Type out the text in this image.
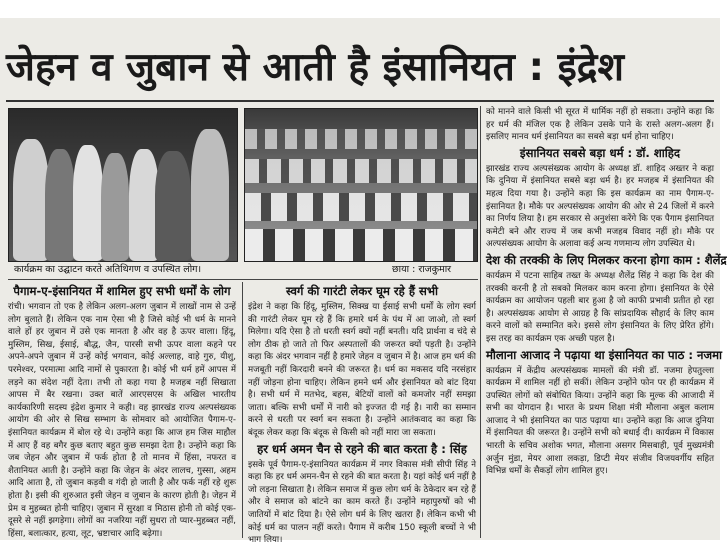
जेहन व जुबान से आती है इंसानियत : इंद्रेश
कार्यक्रम का उद्घाटन करते अतिथिगण व उपस्थित लोग।	छाया : राजकुमार
पैगाम-ए-इंसानियत में शामिल हुए सभी धर्मों के लोग

रांची। भगवान तो एक है लेकिन अलग-अलग जुबान में लाखों नाम से उन्हें लोग बुलाते हैं। लेकिन एक नाम ऐसा भी है जिसे कोई भी धर्म के मानने वाले हों हर जुबान में उसे एक मानता है और वह है ऊपर वाला। हिंदू, मुस्लिम, सिख, ईसाई, बौद्ध, जैन, पारसी सभी ऊपर वाला कहने पर अपने-अपने जुबान में उन्हें कोई भगवान, कोई अल्लाह, वाहे गुरु, यीशु, परमेश्वर, परमात्मा आदि नामों से पुकारता है। कोई भी धर्म हमें आपस में लड़ने का संदेश नहीं देता। तभी तो कहा गया है मजहब नहीं सिखाता आपस में बैर रखना। उक्त बातें आरएसएस के अखिल भारतीय कार्यकारिणी सदस्य इंद्रेश कुमार ने कही। वह झारखंड राज्य अल्पसंख्यक आयोग की ओर से सिख सम्भाग के सोमवार को आयोजित पैगाम-ए-इंसानियत कार्यक्रम में बोल रहे थे। उन्होंने कहा कि आज हम जिस माहौल में आए हैं वह बगैर कुछ बताए बहुत कुछ समझा देता है। उन्होंने कहा कि जब जेहन और जुबान में फर्क होता है तो मानव में हिंसा, नफरत व शैतानियत आती है। उन्होंने कहा कि जेहन के अंदर लालच, गुस्सा, अहम आदि आता है, तो जुबान कड़वी व गंदी हो जाती है और फर्क नहीं रहे शुरू होता है। इसी की शुरुआत इसी जेहन व जुबान के कारण होती है। जेहन में प्रेम व मुहब्बत होनी चाहिए। जुबान में सुरक्षा व मिठास होनी तो कोई एक-दूसरे से नहीं झगड़ेगा। लोगों का नजरिया नहीं सुधरा तो प्यार-मुहब्बत नहीं, हिंसा, बलात्कार, हत्या, लूट, भ्रष्टाचार आदि बढ़ेगा।

स्वर्ग की गारंटी लेकर घूम रहे हैं सभी

इंद्रेश ने कहा कि हिंदू, मुस्लिम, सिक्ख या ईसाई सभी धर्मों के लोग स्वर्ग की गारंटी लेकर घूम रहे हैं कि हमारे धर्म के पंथ में आ जाओ, तो स्वर्ग मिलेगा। यदि ऐसा है तो धरती स्वर्ग क्यों नहीं बनती। यदि प्रार्थना व चंदे से लोग ठीक हो जाते तो फिर अस्पतालों की जरूरत क्यों पड़ती है। उन्होंने कहा कि अंदर भगवान नहीं है हमारे जेहन व जुबान में है। आज हम धर्म की मजबूती नहीं किरदारी बनने की जरूरत है। धर्म का मकसद यदि नरसंहार नहीं जोड़ना होना चाहिए। लेकिन हमने धर्म और इंसानियत को बांट दिया है। सभी धर्म में मतभेद, बहस, बेटियों वालों को कमजोर नहीं समझा जाता। बल्कि सभी धर्मों में नारी को इज्जत दी गई है। नारी का सम्मान करने से धरती पर स्वर्ग बन सकता है। उन्होंने आतंकवाद का कहा कि बंदूक लेकर कहा कि बंदूक से किसी को नहीं मारा जा सकता।

हर धर्म अमन चैन से रहने की बात करता है : सिंह

इसके पूर्व पैगाम-ए-इंसानियत कार्यक्रम में नगर विकास मंत्री सीपी सिंह ने कहा कि हर धर्म अमन-चैन से रहने की बात करता है। यहां कोई धर्म नहीं है जो लड़ना सिखाता है। लेकिन समाज में कुछ लोग धर्म के ठेकेदार बन रहे हैं और वे समाज को बांटने का काम करते हैं। उन्होंने महापुरुषों को भी जातियों में बांट दिया है। ऐसे लोग धर्म के लिए खतरा हैं। लेकिन कभी भी कोई धर्म का पालन नहीं करते। पैगाम में करीब 150 स्कूली बच्चों ने भी भाग लिया।

को मानने वाले किसी भी सूरत में धार्मिक नहीं हो सकता। उन्होंने कहा कि हर धर्म की मंजिल एक है लेकिन उसके पाने के रास्ते अलग-अलग हैं। इसलिए मानव धर्म इंसानियत का सबसे बड़ा धर्म होना चाहिए।

इंसानियत सबसे बड़ा धर्म : डॉ. शाहिद

झारखंड राज्य अल्पसंख्यक आयोग के अध्यक्ष डॉ. शाहिद अख्तर ने कहा कि दुनिया में इंसानियत सबसे बड़ा धर्म है। हर मजहब में इंसानियत की महत्व दिया गया है। उन्होंने कहा कि इस कार्यक्रम का नाम पैगाम-ए-इंसानियत है। मौके पर अल्पसंख्यक आयोग की ओर से 24 जिलों में करने का निर्णय लिया है। हम सरकार से अनुशंसा करेंगे कि एक पैगाम इंसानियत कमेटी बने और राज्य में जब कभी मजहब विवाद नहीं हो। मौके पर अल्पसंख्यक आयोग के अलावा कई अन्य गणमान्य लोग उपस्थित थे।

देश की तरक्की के लिए मिलकर करना होगा काम : शैलेंद्र

कार्यक्रम में पटना साहिब तख्त के अध्यक्ष शैलेंद्र सिंह ने कहा कि देश की तरक्की करनी है तो सबको मिलकर काम करना होगा। इंसानियत के ऐसे कार्यक्रम का आयोजन पहली बार हुआ है जो काफी प्रभावी प्रतीत हो रहा है। अल्पसंख्यक आयोग से आग्रह है कि सांप्रदायिक सौहार्द के लिए काम करने वालों को सम्मानित करे। इससे लोग इंसानियत के लिए प्रेरित होंगे। इस तरह का कार्यक्रम एक अच्छी पहल है।

मौलाना आजाद ने पढ़ाया था इंसानियत का पाठ : नजमा

कार्यक्रम में केंद्रीय अल्पसंख्यक मामलों की मंत्री डॉ. नजमा हेपतुल्ला कार्यक्रम में शामिल नहीं हो सकीं। लेकिन उन्होंने फोन पर ही कार्यक्रम में उपस्थित लोगों को संबोधित किया। उन्होंने कहा कि मुल्क की आजादी में सभी का योगदान है। भारत के प्रथम शिक्षा मंत्री मौलाना अबुल कलाम आजाद ने भी इंसानियत का पाठ पढ़ाया था। उन्होंने कहा कि आज दुनिया में इंसानियत की जरूरत है। उन्होंने सभी को बधाई दी। कार्यक्रम में विकास भारती के सचिव अशोक भगत, मौलाना असगर मिसबाही, पूर्व मुख्यमंत्री अर्जुन मुंडा, मेयर आशा लकड़ा, डिप्टी मेयर संजीव विजयवर्गीय सहित विभिन्न धर्मों के सैकड़ों लोग शामिल हुए।
